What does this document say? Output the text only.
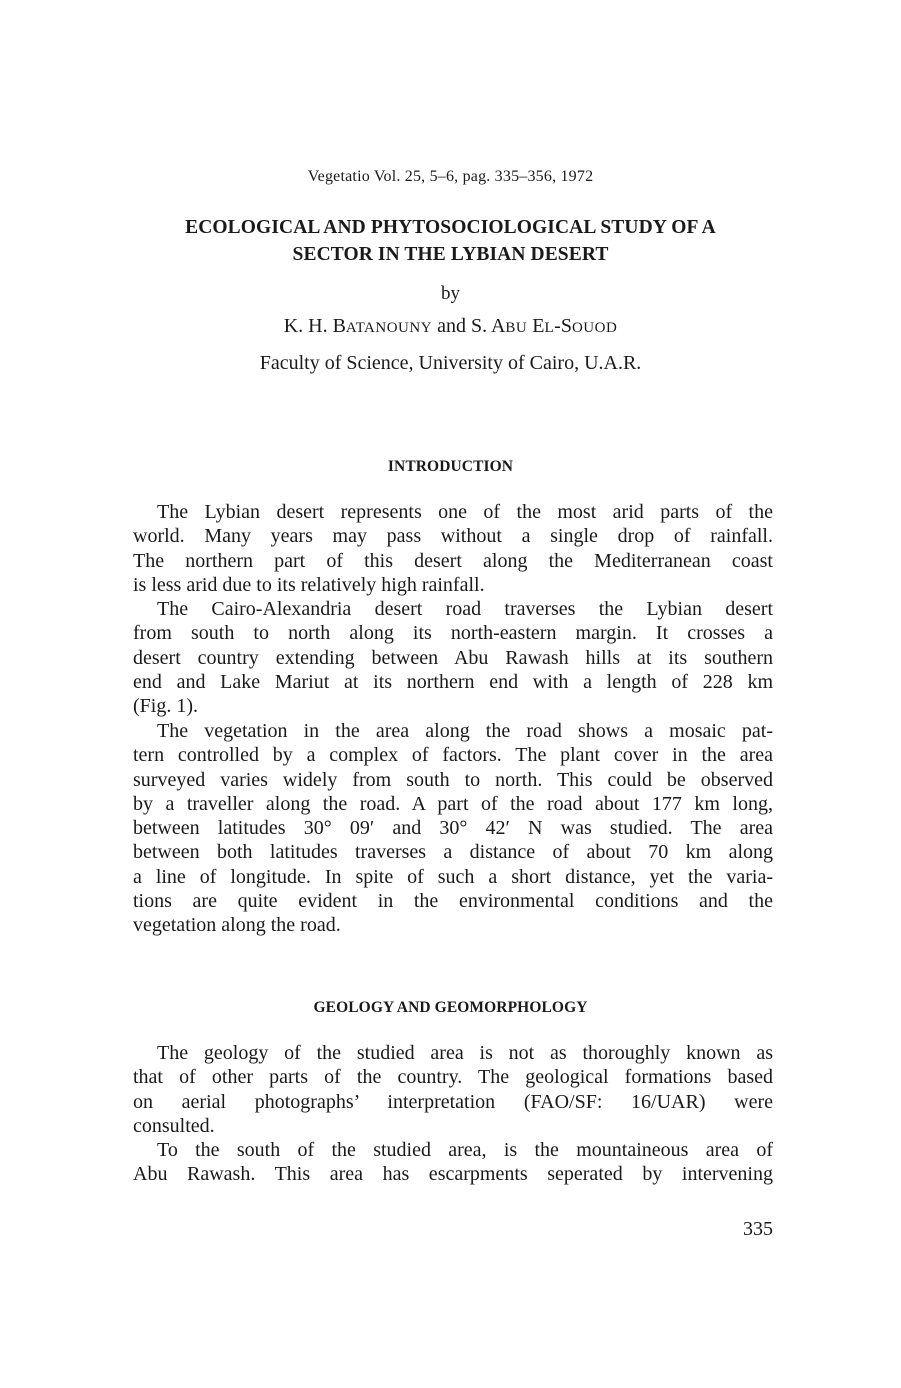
Vegetatio Vol. 25, 5–6, pag. 335–356, 1972
ECOLOGICAL AND PHYTOSOCIOLOGICAL STUDY OF A
SECTOR IN THE LYBIAN DESERT
by
K. H. BATANOUNY and S. ABU EL-SOUOD
Faculty of Science, University of Cairo, U.A.R.
INTRODUCTION
The Lybian desert represents one of the most arid parts of the
world. Many years may pass without a single drop of rainfall.
The northern part of this desert along the Mediterranean coast
is less arid due to its relatively high rainfall.
The Cairo-Alexandria desert road traverses the Lybian desert
from south to north along its north-eastern margin. It crosses a
desert country extending between Abu Rawash hills at its southern
end and Lake Mariut at its northern end with a length of 228 km
(Fig. 1).
The vegetation in the area along the road shows a mosaic pat-
tern controlled by a complex of factors. The plant cover in the area
surveyed varies widely from south to north. This could be observed
by a traveller along the road. A part of the road about 177 km long,
between latitudes 30° 09′ and 30° 42′ N was studied. The area
between both latitudes traverses a distance of about 70 km along
a line of longitude. In spite of such a short distance, yet the varia-
tions are quite evident in the environmental conditions and the
vegetation along the road.
GEOLOGY AND GEOMORPHOLOGY
The geology of the studied area is not as thoroughly known as
that of other parts of the country. The geological formations based
on aerial photographs’ interpretation (FAO/SF: 16/UAR) were
consulted.
To the south of the studied area, is the mountaineous area of
Abu Rawash. This area has escarpments seperated by intervening
335
